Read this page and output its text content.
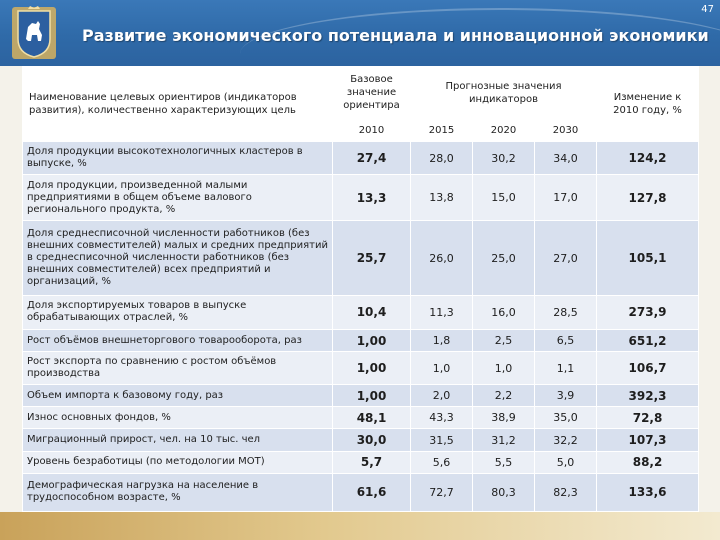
47
Развитие экономического потенциала и инновационной экономики
Наименование целевых ориентиров (индикаторов развития), количественно характеризующих цель	Базовое значение ориентира	Прогнозные значения индикаторов			Изменение к 2010 году, %
	2010	2015	2020	2030	
Доля продукции высокотехнологичных кластеров в выпуске, %	27,4	28,0	30,2	34,0	124,2
Доля продукции, произведенной малыми предприятиями в общем объеме валового регионального продукта, %	13,3	13,8	15,0	17,0	127,8
Доля среднесписочной численности работников (без внешних совместителей) малых и средних предприятий в среднесписочной численности работников (без внешних совместителей) всех предприятий и организаций, %	25,7	26,0	25,0	27,0	105,1
Доля экспортируемых товаров в выпуске обрабатывающих отраслей, %	10,4	11,3	16,0	28,5	273,9
Рост объёмов внешнеторгового товарооборота, раз	1,00	1,8	2,5	6,5	651,2
Рост экспорта по сравнению с ростом объёмов производства	1,00	1,0	1,0	1,1	106,7
Объем импорта к базовому году, раз	1,00	2,0	2,2	3,9	392,3
Износ основных фондов, %	48,1	43,3	38,9	35,0	72,8
Миграционный прирост, чел. на 10 тыс. чел	30,0	31,5	31,2	32,2	107,3
Уровень безработицы (по методологии МОТ)	5,7	5,6	5,5	5,0	88,2
Демографическая нагрузка на население в трудоспособном возрасте, %	61,6	72,7	80,3	82,3	133,6
